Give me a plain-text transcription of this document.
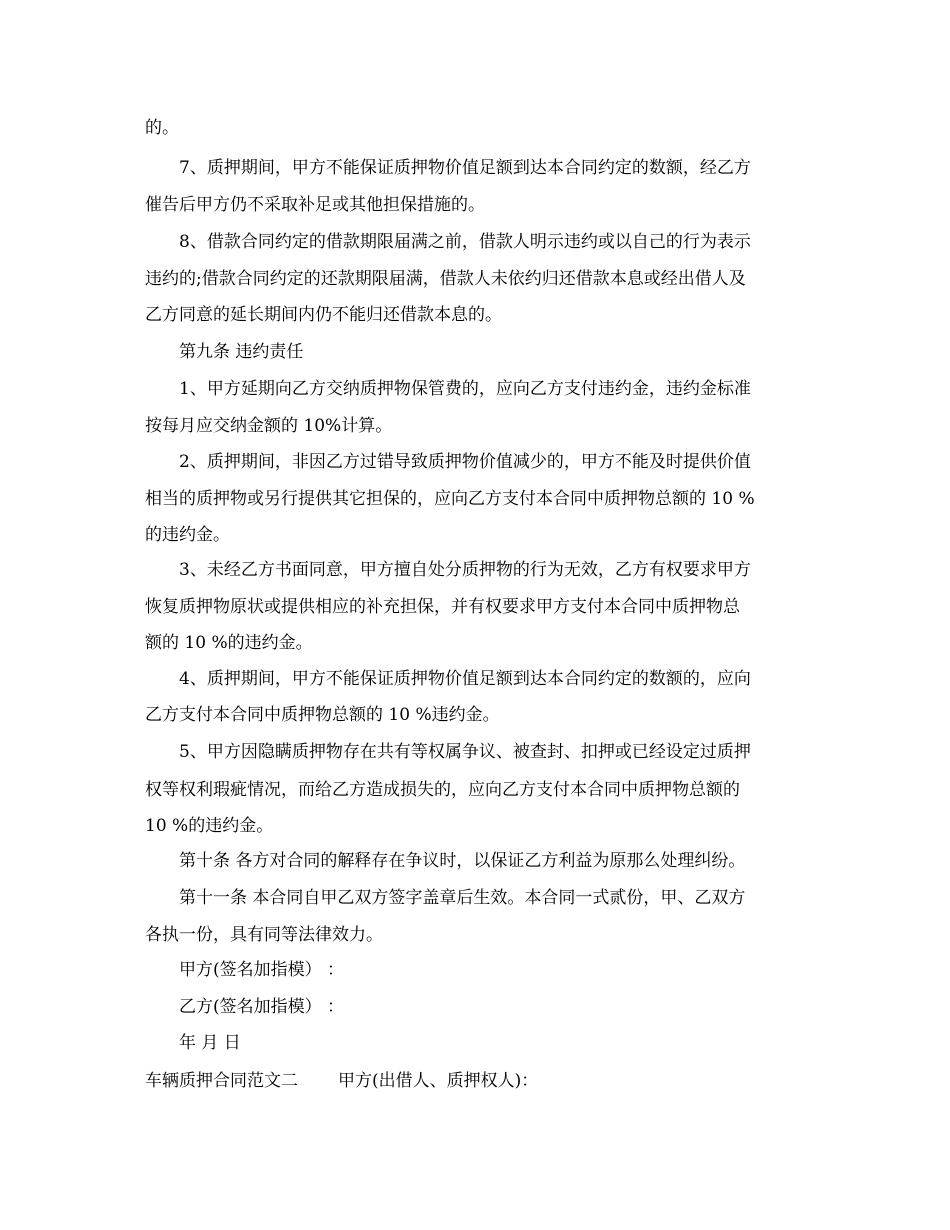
的。
　　7、质押期间，甲方不能保证质押物价值足额到达本合同约定的数额，经乙方
催告后甲方仍不采取补足或其他担保措施的。
　　8、借款合同约定的借款期限届满之前，借款人明示违约或以自己的行为表示
违约的;借款合同约定的还款期限届满，借款人未依约归还借款本息或经出借人及
乙方同意的延长期间内仍不能归还借款本息的。
　　第九条 违约责任
　　1、甲方延期向乙方交纳质押物保管费的，应向乙方支付违约金，违约金标准
按每月应交纳金额的 10%计算。
　　2、质押期间，非因乙方过错导致质押物价值减少的，甲方不能及时提供价值
相当的质押物或另行提供其它担保的，应向乙方支付本合同中质押物总额的 10 %
的违约金。
　　3、未经乙方书面同意，甲方擅自处分质押物的行为无效，乙方有权要求甲方
恢复质押物原状或提供相应的补充担保，并有权要求甲方支付本合同中质押物总
额的 10 %的违约金。
　　4、质押期间，甲方不能保证质押物价值足额到达本合同约定的数额的，应向
乙方支付本合同中质押物总额的 10 %违约金。
　　5、甲方因隐瞒质押物存在共有等权属争议、被查封、扣押或已经设定过质押
权等权利瑕疵情况，而给乙方造成损失的，应向乙方支付本合同中质押物总额的
10 %的违约金。
　　第十条 各方对合同的解释存在争议时，以保证乙方利益为原那么处理纠纷。
　　第十一条 本合同自甲乙双方签字盖章后生效。本合同一式贰份，甲、乙双方
各执一份，具有同等法律效力。
　　甲方(签名加指模） ：
　　乙方(签名加指模） ：
　　年 月 日
车辆质押合同范文二 甲方(出借人、质押权人)：
